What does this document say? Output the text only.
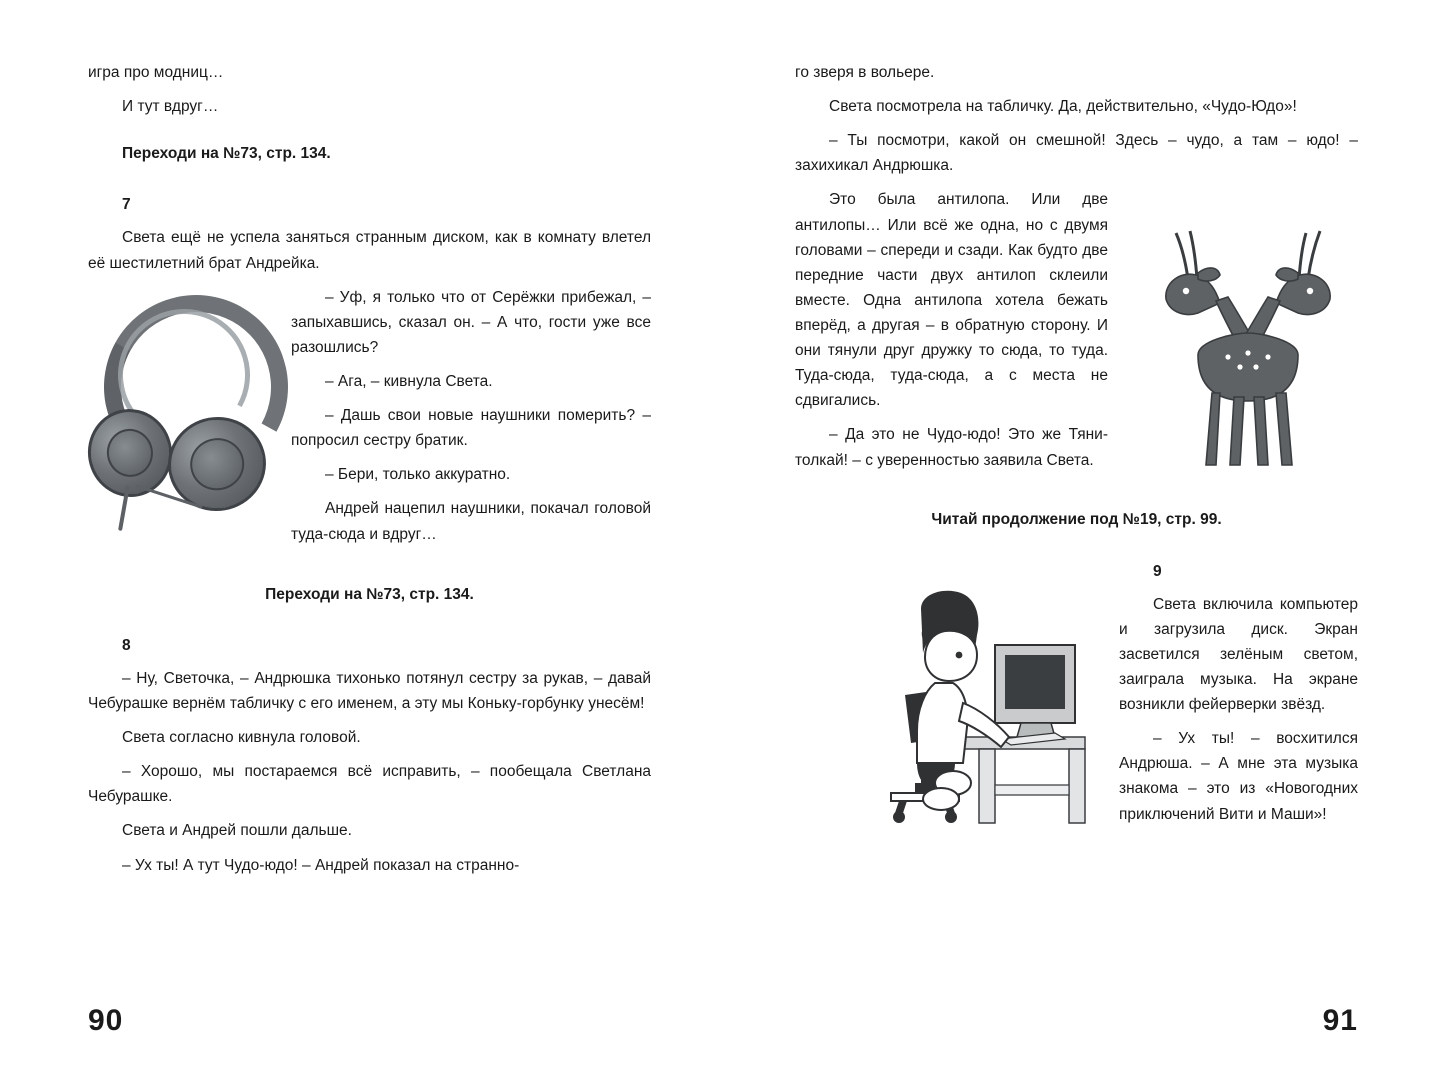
игра про модниц…

И тут вдруг…

Переходи на №73, стр. 134.

7

Света ещё не успела заняться странным диском, как в комнату влетел её шестилетний брат Андрейка.

– Уф, я только что от Серёжки прибежал, – запыхавшись, сказал он. – А что, гости уже все разошлись?

– Ага, – кивнула Света.

– Дашь свои новые наушники померить? – попросил сестру братик.

– Бери, только аккуратно.

Андрей нацепил наушники, покачал головой туда-сюда и вдруг…

Переходи на №73, стр. 134.

8

– Ну, Светочка, – Андрюшка тихонько потянул сестру за рукав, – давай Чебурашке вернём табличку с его именем, а эту мы Коньку-горбунку унесём!

Света согласно кивнула головой.

– Хорошо, мы постараемся всё исправить, – пообещала Светлана Чебурашке.

Света и Андрей пошли дальше.

– Ух ты! А тут Чудо-юдо! – Андрей показал на странно-

90

го зверя в вольере.

Света посмотрела на табличку. Да, действительно, «Чудо-Юдо»!

– Ты посмотри, какой он смешной! Здесь – чудо, а там – юдо! – захихикал Андрюшка.

Это была антилопа. Или две антилопы… Или всё же одна, но с двумя головами – спереди и сзади. Как будто две передние части двух антилоп склеили вместе. Одна антилопа хотела бежать вперёд, а другая – в обратную сторону. И они тянули друг дружку то сюда, то туда. Туда-сюда, туда-сюда, а с места не сдвигались.

– Да это не Чудо-юдо! Это же Тяни-толкай! – с уверенностью заявила Света.

Читай продолжение под №19, стр. 99.

9

Света включила компьютер и загрузила диск. Экран засветился зелёным светом, заиграла музыка. На экране возникли фейерверки звёзд.

– Ух ты! – восхитился Андрюша. – А мне эта музыка знакома – это из «Новогодних приключений Вити и Маши»!

91
